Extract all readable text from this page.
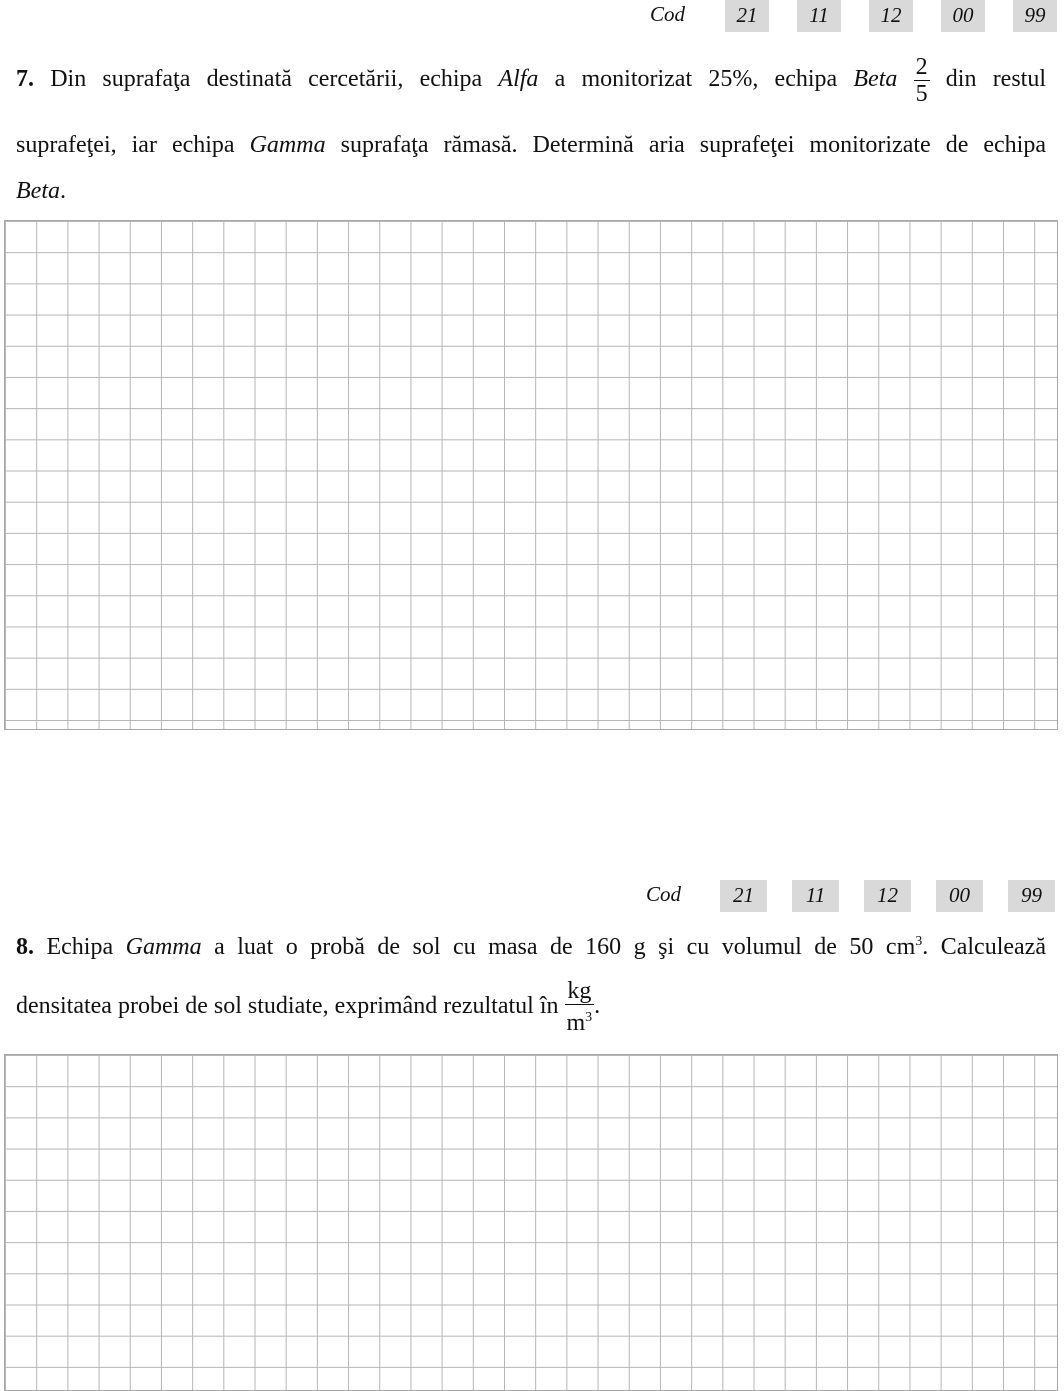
Cod	21	11	12	00	99
7. Din suprafaţa destinată cercetării, echipa Alfa a monitorizat 25%, echipa Beta $\frac{2}{5}$ din restul
suprafeţei, iar echipa Gamma suprafaţa rămasă. Determină aria suprafeţei monitorizate de echipa
Beta.
Cod	21	11	12	00	99
8. Echipa Gamma a luat o probă de sol cu masa de 160 g şi cu volumul de 50 $cm^3$. Calculează
densitatea probei de sol studiate, exprimând rezultatul în $\frac{kg}{m^3}$ .
